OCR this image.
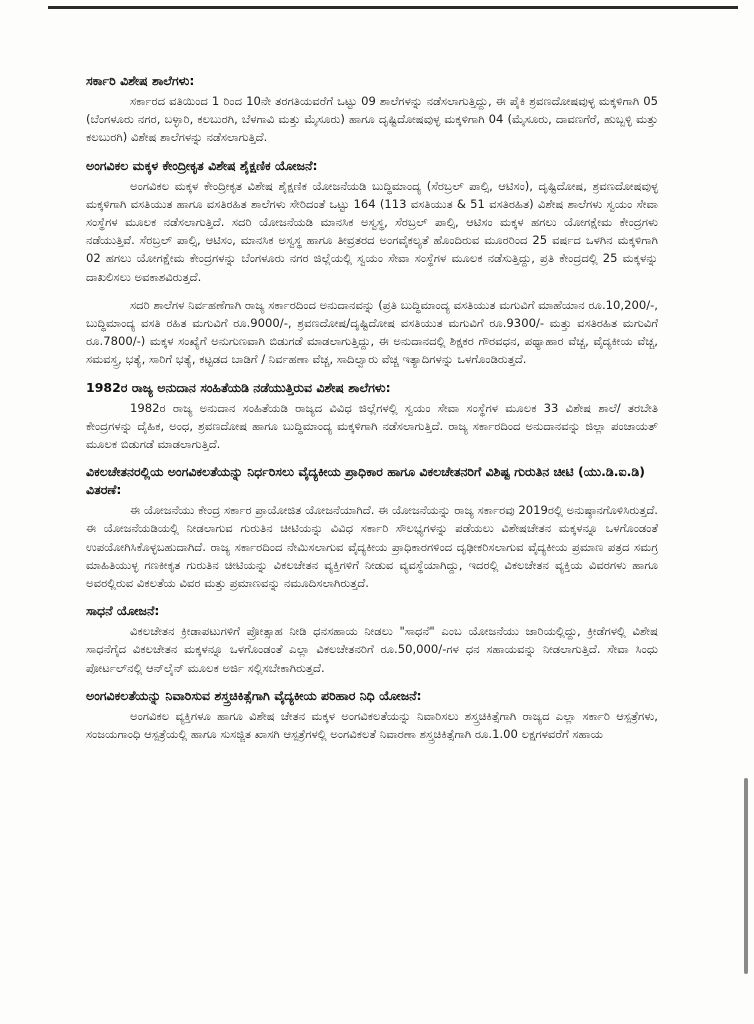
ಸರ್ಕಾರಿ ವಿಶೇಷ ಶಾಲೆಗಳು:

ಸರ್ಕಾರದ ವತಿಯಿಂದ 1 ರಿಂದ 10ನೇ ತರಗತಿಯವರೆಗೆ ಒಟ್ಟು 09 ಶಾಲೆಗಳನ್ನು ನಡೆಸಲಾಗುತ್ತಿದ್ದು, ಈ ಪೈಕಿ ಶ್ರವಣದೋಷವುಳ್ಳ ಮಕ್ಕಳಿಗಾಗಿ 05 (ಬೆಂಗಳೂರು ನಗರ, ಬಳ್ಳಾರಿ, ಕಲಬುರಗಿ, ಬೆಳಗಾವಿ ಮತ್ತು ಮೈಸೂರು) ಹಾಗೂ ದೃಷ್ಟಿದೋಷವುಳ್ಳ ಮಕ್ಕಳಿಗಾಗಿ 04 (ಮೈಸೂರು, ದಾವಣಗೆರೆ, ಹುಬ್ಬಳ್ಳಿ ಮತ್ತು ಕಲಬುರಗಿ) ವಿಶೇಷ ಶಾಲೆಗಳನ್ನು ನಡೆಸಲಾಗುತ್ತಿದೆ.

ಅಂಗವಿಕಲ ಮಕ್ಕಳ ಕೇಂದ್ರೀಕೃತ ವಿಶೇಷ ಶೈಕ್ಷಣಿಕ ಯೋಜನೆ:

ಅಂಗವಿಕಲ ಮಕ್ಕಳ ಕೇಂದ್ರೀಕೃತ ವಿಶೇಷ ಶೈಕ್ಷಣಿಕ ಯೋಜನೆಯಡಿ ಬುದ್ಧಿಮಾಂದ್ಯ (ಸೆರಬ್ರಲ್ ಪಾಲ್ಸಿ, ಆಟಿಸಂ), ದೃಷ್ಟಿದೋಷ, ಶ್ರವಣದೋಷವುಳ್ಳ ಮಕ್ಕಳಿಗಾಗಿ ವಸತಿಯುತ ಹಾಗೂ ವಸತಿರಹಿತ ಶಾಲೆಗಳು ಸೇರಿದಂತೆ ಒಟ್ಟು 164 (113 ವಸತಿಯುತ & 51 ವಸತಿರಹಿತ) ವಿಶೇಷ ಶಾಲೆಗಳು ಸ್ವಯಂ ಸೇವಾ ಸಂಸ್ಥೆಗಳ ಮೂಲಕ ನಡೆಸಲಾಗುತ್ತಿದೆ. ಸದರಿ ಯೋಜನೆಯಡಿ ಮಾನಸಿಕ ಅಸ್ವಸ್ಥ, ಸೆರಬ್ರಲ್ ಪಾಲ್ಸಿ, ಆಟಿಸಂ ಮಕ್ಕಳ ಹಗಲು ಯೋಗಕ್ಷೇಮ ಕೇಂದ್ರಗಳು ನಡೆಯುತ್ತಿವೆ. ಸೆರಬ್ರಲ್ ಪಾಲ್ಸಿ, ಆಟಿಸಂ, ಮಾನಸಿಕ ಅಸ್ವಸ್ಥ ಹಾಗೂ ತೀವ್ರತರದ ಅಂಗವೈಕಲ್ಯತೆ ಹೊಂದಿರುವ ಮೂರರಿಂದ 25 ವರ್ಷದ ಒಳಗಿನ ಮಕ್ಕಳಿಗಾಗಿ 02 ಹಗಲು ಯೋಗಕ್ಷೇಮ ಕೇಂದ್ರಗಳನ್ನು ಬೆಂಗಳೂರು ನಗರ ಜಿಲ್ಲೆಯಲ್ಲಿ ಸ್ವಯಂ ಸೇವಾ ಸಂಸ್ಥೆಗಳ ಮೂಲಕ ನಡೆಸುತ್ತಿದ್ದು, ಪ್ರತಿ ಕೇಂದ್ರದಲ್ಲಿ 25 ಮಕ್ಕಳನ್ನು ದಾಖಲಿಸಲು ಅವಕಾಶವಿರುತ್ತದೆ.

ಸದರಿ ಶಾಲೆಗಳ ನಿರ್ವಹಣೆಗಾಗಿ ರಾಜ್ಯ ಸರ್ಕಾರದಿಂದ ಅನುದಾನವನ್ನು (ಪ್ರತಿ ಬುದ್ಧಿಮಾಂದ್ಯ ವಸತಿಯುತ ಮಗುವಿಗೆ ಮಾಹೆಯಾನ ರೂ.10,200/-, ಬುದ್ಧಿಮಾಂದ್ಯ ವಸತಿ ರಹಿತ ಮಗುವಿಗೆ ರೂ.9000/-, ಶ್ರವಣದೋಷ/ದೃಷ್ಟಿದೋಷ ವಸತಿಯುತ ಮಗುವಿಗೆ ರೂ.9300/- ಮತ್ತು ವಸತಿರಹಿತ ಮಗುವಿಗೆ ರೂ.7800/-) ಮಕ್ಕಳ ಸಂಖ್ಯೆಗೆ ಅನುಗುಣವಾಗಿ ಬಿಡುಗಡೆ ಮಾಡಲಾಗುತ್ತಿದ್ದು, ಈ ಅನುದಾನದಲ್ಲಿ ಶಿಕ್ಷಕರ ಗೌರವಧನ, ಪಥ್ಯಾಹಾರ ವೆಚ್ಚ, ವೈದ್ಯಕೀಯ ವೆಚ್ಚ, ಸಮವಸ್ತ್ರ, ಭತ್ಯೆ, ಸಾರಿಗೆ ಭತ್ಯೆ, ಕಟ್ಟಡದ ಬಾಡಿಗೆ / ನಿರ್ವಹಣಾ ವೆಚ್ಚ, ಸಾದಿಲ್ವಾರು ವೆಚ್ಚ ಇತ್ಯಾದಿಗಳನ್ನು ಒಳಗೊಂಡಿರುತ್ತದೆ.

1982ರ ರಾಜ್ಯ ಅನುದಾನ ಸಂಹಿತೆಯಡಿ ನಡೆಯುತ್ತಿರುವ ವಿಶೇಷ ಶಾಲೆಗಳು:

1982ರ ರಾಜ್ಯ ಅನುದಾನ ಸಂಹಿತೆಯಡಿ ರಾಜ್ಯದ ವಿವಿಧ ಜಿಲ್ಲೆಗಳಲ್ಲಿ ಸ್ವಯಂ ಸೇವಾ ಸಂಸ್ಥೆಗಳ ಮೂಲಕ 33 ವಿಶೇಷ ಶಾಲೆ/ ತರಬೇತಿ ಕೇಂದ್ರಗಳನ್ನು ದೈಹಿಕ, ಅಂಧ, ಶ್ರವಣದೋಷ ಹಾಗೂ ಬುದ್ಧಿಮಾಂದ್ಯ ಮಕ್ಕಳಿಗಾಗಿ ನಡೆಸಲಾಗುತ್ತಿದೆ. ರಾಜ್ಯ ಸರ್ಕಾರದಿಂದ ಅನುದಾನವನ್ನು ಜಿಲ್ಲಾ ಪಂಚಾಯತ್ ಮೂಲಕ ಬಿಡುಗಡೆ ಮಾಡಲಾಗುತ್ತಿದೆ.

ವಿಕಲಚೇತನರಲ್ಲಿಯ ಅಂಗವಿಕಲತೆಯನ್ನು ನಿರ್ಧರಿಸಲು ವೈದ್ಯಕೀಯ ಪ್ರಾಧಿಕಾರ ಹಾಗೂ ವಿಕಲಚೇತನರಿಗೆ ವಿಶಿಷ್ಟ ಗುರುತಿನ ಚೀಟಿ (ಯು.ಡಿ.ಐ.ಡಿ) ವಿತರಣೆ:

ಈ ಯೋಜನೆಯು ಕೇಂದ್ರ ಸರ್ಕಾರ ಪ್ರಾಯೋಜಿತ ಯೋಜನೆಯಾಗಿದೆ. ಈ ಯೋಜನೆಯನ್ನು ರಾಜ್ಯ ಸರ್ಕಾರವು 2019ರಲ್ಲಿ ಅನುಷ್ಠಾನಗೊಳಿಸಿರುತ್ತದೆ. ಈ ಯೋಜನೆಯಡಿಯಲ್ಲಿ ನೀಡಲಾಗುವ ಗುರುತಿನ ಚೀಟಿಯನ್ನು ವಿವಿಧ ಸರ್ಕಾರಿ ಸೌಲಭ್ಯಗಳನ್ನು ಪಡೆಯಲು ವಿಶೇಷಚೇತನ ಮಕ್ಕಳನ್ನೂ ಒಳಗೊಂಡಂತೆ ಉಪಯೋಗಿಸಿಕೊಳ್ಳಬಹುದಾಗಿದೆ. ರಾಜ್ಯ ಸರ್ಕಾರದಿಂದ ನೇಮಿಸಲಾಗುವ ವೈದ್ಯಕೀಯ ಪ್ರಾಧಿಕಾರಗಳಿಂದ ದೃಢೀಕರಿಸಲಾಗುವ ವೈದ್ಯಕೀಯ ಪ್ರಮಾಣ ಪತ್ರದ ಸಮಗ್ರ ಮಾಹಿತಿಯುಳ್ಳ ಗಣಕೀಕೃತ ಗುರುತಿನ ಚೀಟಿಯನ್ನು ವಿಕಲಚೇತನ ವ್ಯಕ್ತಿಗಳಿಗೆ ನೀಡುವ ವ್ಯವಸ್ಥೆಯಾಗಿದ್ದು, ಇದರಲ್ಲಿ ವಿಕಲಚೇತನ ವ್ಯಕ್ತಿಯ ವಿವರಗಳು ಹಾಗೂ ಅವರಲ್ಲಿರುವ ವಿಕಲತೆಯ ವಿವರ ಮತ್ತು ಪ್ರಮಾಣವನ್ನು ನಮೂದಿಸಲಾಗಿರುತ್ತದೆ.

ಸಾಧನೆ ಯೋಜನೆ:

ವಿಕಲಚೇತನ ಕ್ರೀಡಾಪಟುಗಳಿಗೆ ಪ್ರೋತ್ಸಾಹ ನೀಡಿ ಧನಸಹಾಯ ನೀಡಲು "ಸಾಧನೆ" ಎಂಬ ಯೋಜನೆಯು ಜಾರಿಯಲ್ಲಿದ್ದು, ಕ್ರೀಡೆಗಳಲ್ಲಿ ವಿಶೇಷ ಸಾಧನೆಗೈದ ವಿಕಲಚೇತನ ಮಕ್ಕಳನ್ನೂ ಒಳಗೊಂಡಂತೆ ಎಲ್ಲಾ ವಿಕಲಚೇತನರಿಗೆ ರೂ.50,000/-ಗಳ ಧನ ಸಹಾಯವನ್ನು ನೀಡಲಾಗುತ್ತಿದೆ. ಸೇವಾ ಸಿಂಧು ಪೋರ್ಟಲ್‌ನಲ್ಲಿ ಆನ್‌ಲೈನ್ ಮೂಲಕ ಅರ್ಜಿ ಸಲ್ಲಿಸಬೇಕಾಗಿರುತ್ತದೆ.

ಅಂಗವಿಕಲತೆಯನ್ನು ನಿವಾರಿಸುವ ಶಸ್ತ್ರಚಿಕಿತ್ಸೆಗಾಗಿ ವೈದ್ಯಕೀಯ ಪರಿಹಾರ ನಿಧಿ ಯೋಜನೆ:

ಅಂಗವಿಕಲ ವ್ಯಕ್ತಿಗಳೂ ಹಾಗೂ ವಿಶೇಷ ಚೇತನ ಮಕ್ಕಳ ಅಂಗವಿಕಲತೆಯನ್ನು ನಿವಾರಿಸಲು ಶಸ್ತ್ರಚಿಕಿತ್ಸೆಗಾಗಿ ರಾಜ್ಯದ ಎಲ್ಲಾ ಸರ್ಕಾರಿ ಆಸ್ಪತ್ರೆಗಳು, ಸಂಜಯಗಾಂಧಿ ಆಸ್ಪತ್ರೆಯಲ್ಲಿ ಹಾಗೂ ಸುಸಜ್ಜಿತ ಖಾಸಗಿ ಆಸ್ಪತ್ರೆಗಳಲ್ಲಿ ಅಂಗವಿಕಲತೆ ನಿವಾರಣಾ ಶಸ್ತ್ರಚಿಕಿತ್ಸೆಗಾಗಿ ರೂ.1.00 ಲಕ್ಷಗಳವರೆಗೆ ಸಹಾಯ
